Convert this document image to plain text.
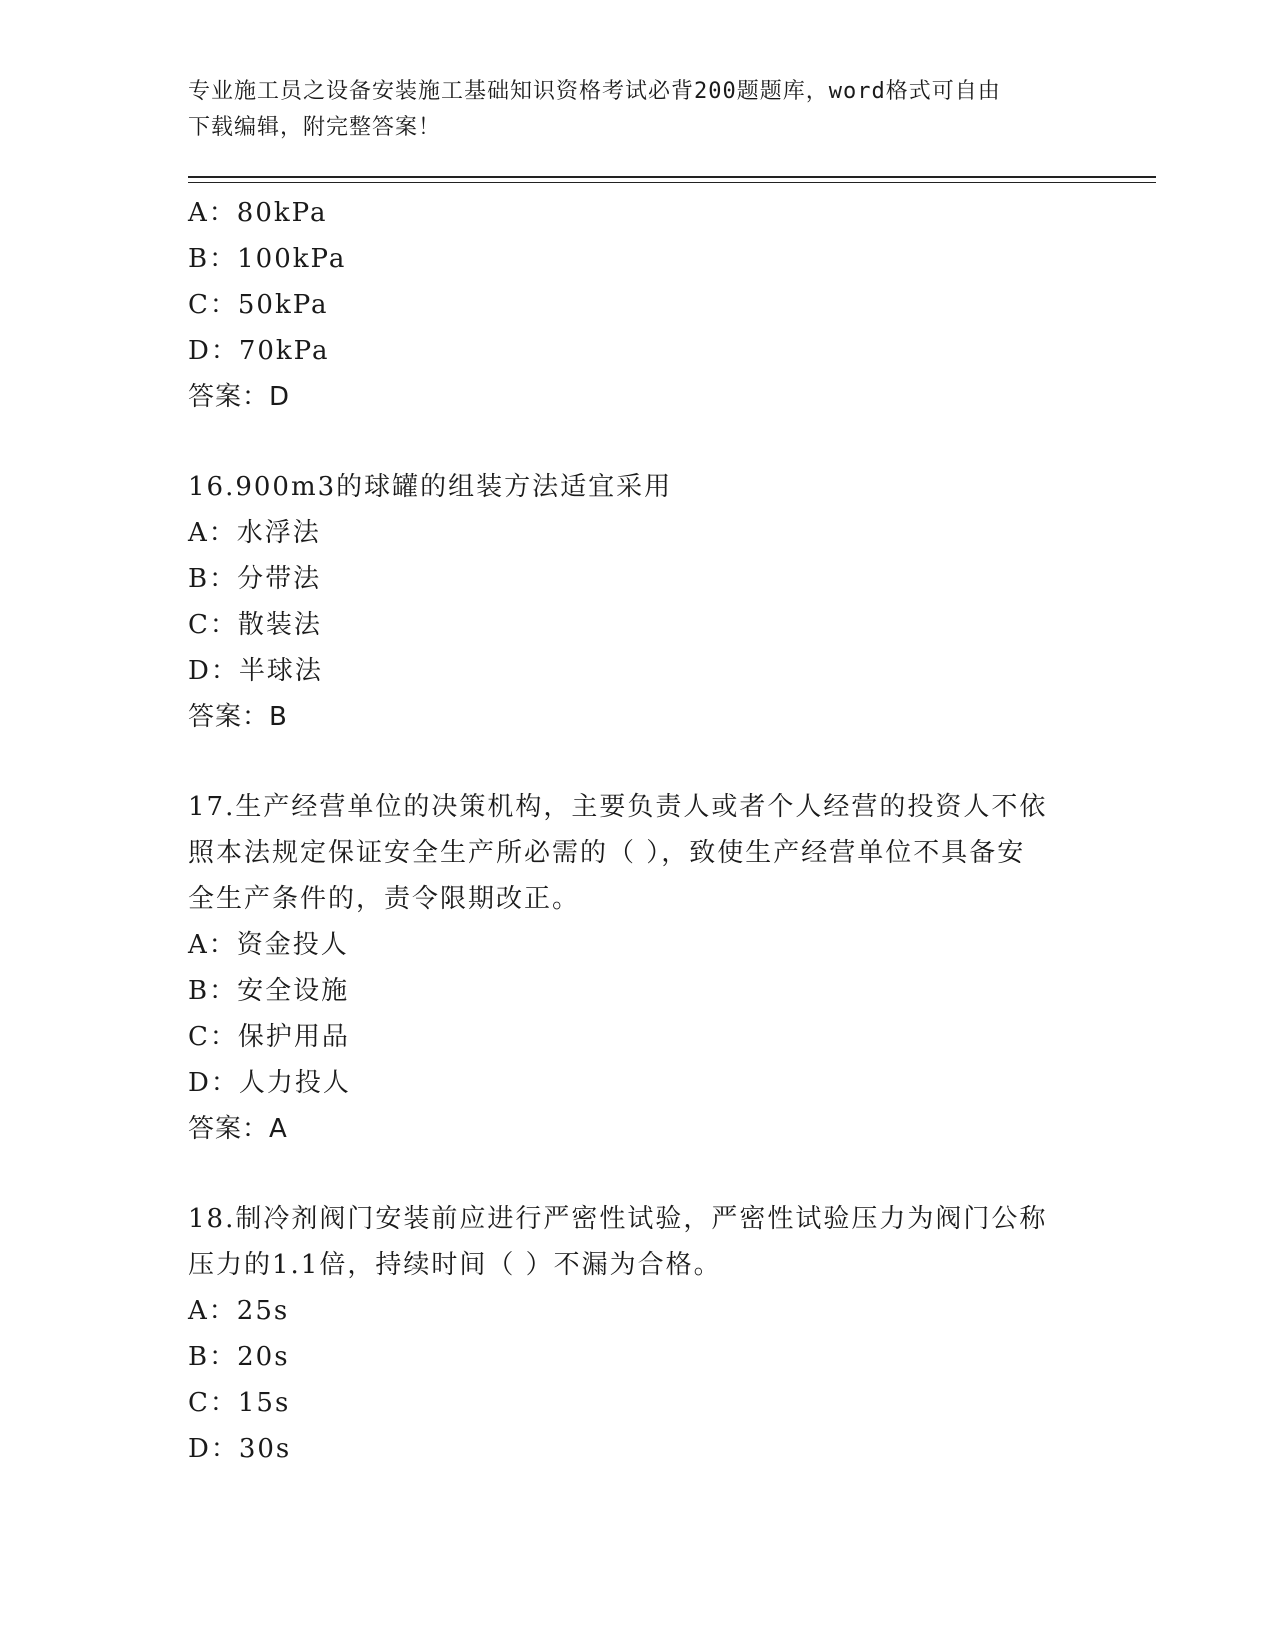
专业施工员之设备安装施工基础知识资格考试必背200题题库，word格式可自由
下载编辑，附完整答案！
A：80kPa
B：100kPa
C：50kPa
D：70kPa
答案：D
16.900m3的球罐的组装方法适宜采用
A：水浮法
B：分带法
C：散装法
D：半球法
答案：B
17.生产经营单位的决策机构，主要负责人或者个人经营的投资人不依
照本法规定保证安全生产所必需的（ ），致使生产经营单位不具备安
全生产条件的，责令限期改正。
A：资金投人
B：安全设施
C：保护用品
D：人力投人
答案：A
18.制冷剂阀门安装前应进行严密性试验，严密性试验压力为阀门公称
压力的1.1倍，持续时间（ ）不漏为合格。
A：25s
B：20s
C：15s
D：30s
